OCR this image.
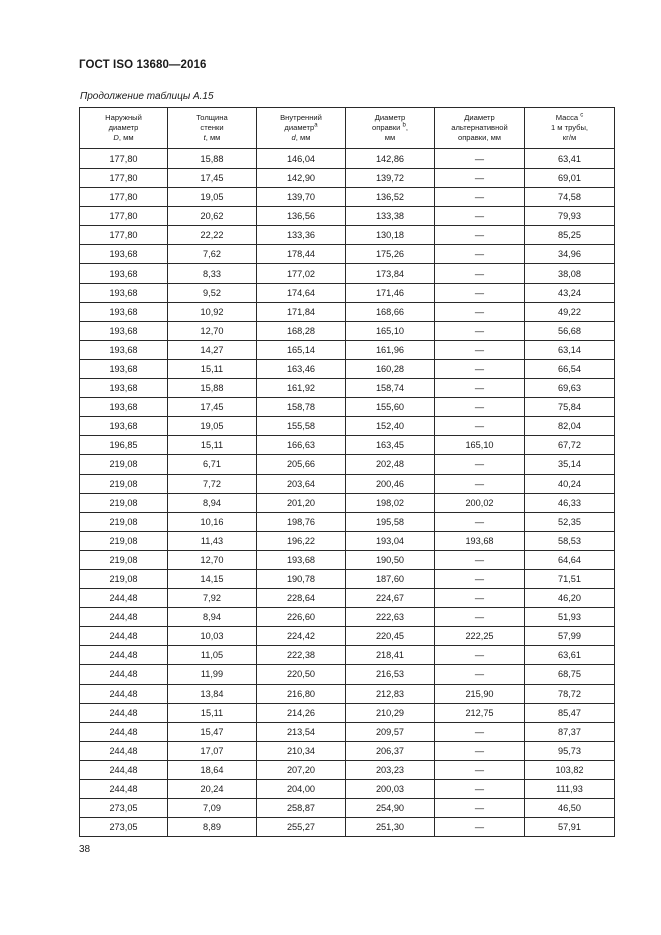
ГОСТ ISO 13680—2016
Продолжение таблицы А.15
Наружный
диаметр
D, мм	Толщина
стенки
t, мм	Внутренний
диаметр$^a$
d, мм	Диаметр
оправки $^b$,
мм	Диаметр
альтернативной
оправки, мм	Масса $^c$
1 м трубы,
кг/м

177,80	15,88	146,04	142,86	—	63,41
177,80	17,45	142,90	139,72	—	69,01
177,80	19,05	139,70	136,52	—	74,58
177,80	20,62	136,56	133,38	—	79,93
177,80	22,22	133,36	130,18	—	85,25
193,68	7,62	178,44	175,26	—	34,96
193,68	8,33	177,02	173,84	—	38,08
193,68	9,52	174,64	171,46	—	43,24
193,68	10,92	171,84	168,66	—	49,22
193,68	12,70	168,28	165,10	—	56,68
193,68	14,27	165,14	161,96	—	63,14
193,68	15,11	163,46	160,28	—	66,54
193,68	15,88	161,92	158,74	—	69,63
193,68	17,45	158,78	155,60	—	75,84
193,68	19,05	155,58	152,40	—	82,04
196,85	15,11	166,63	163,45	165,10	67,72
219,08	6,71	205,66	202,48	—	35,14
219,08	7,72	203,64	200,46	—	40,24
219,08	8,94	201,20	198,02	200,02	46,33
219,08	10,16	198,76	195,58	—	52,35
219,08	11,43	196,22	193,04	193,68	58,53
219,08	12,70	193,68	190,50	—	64,64
219,08	14,15	190,78	187,60	—	71,51
244,48	7,92	228,64	224,67	—	46,20
244,48	8,94	226,60	222,63	—	51,93
244,48	10,03	224,42	220,45	222,25	57,99
244,48	11,05	222,38	218,41	—	63,61
244,48	11,99	220,50	216,53	—	68,75
244,48	13,84	216,80	212,83	215,90	78,72
244,48	15,11	214,26	210,29	212,75	85,47
244,48	15,47	213,54	209,57	—	87,37
244,48	17,07	210,34	206,37	—	95,73
244,48	18,64	207,20	203,23	—	103,82
244,48	20,24	204,00	200,03	—	111,93
273,05	7,09	258,87	254,90	—	46,50
273,05	8,89	255,27	251,30	—	57,91
38
